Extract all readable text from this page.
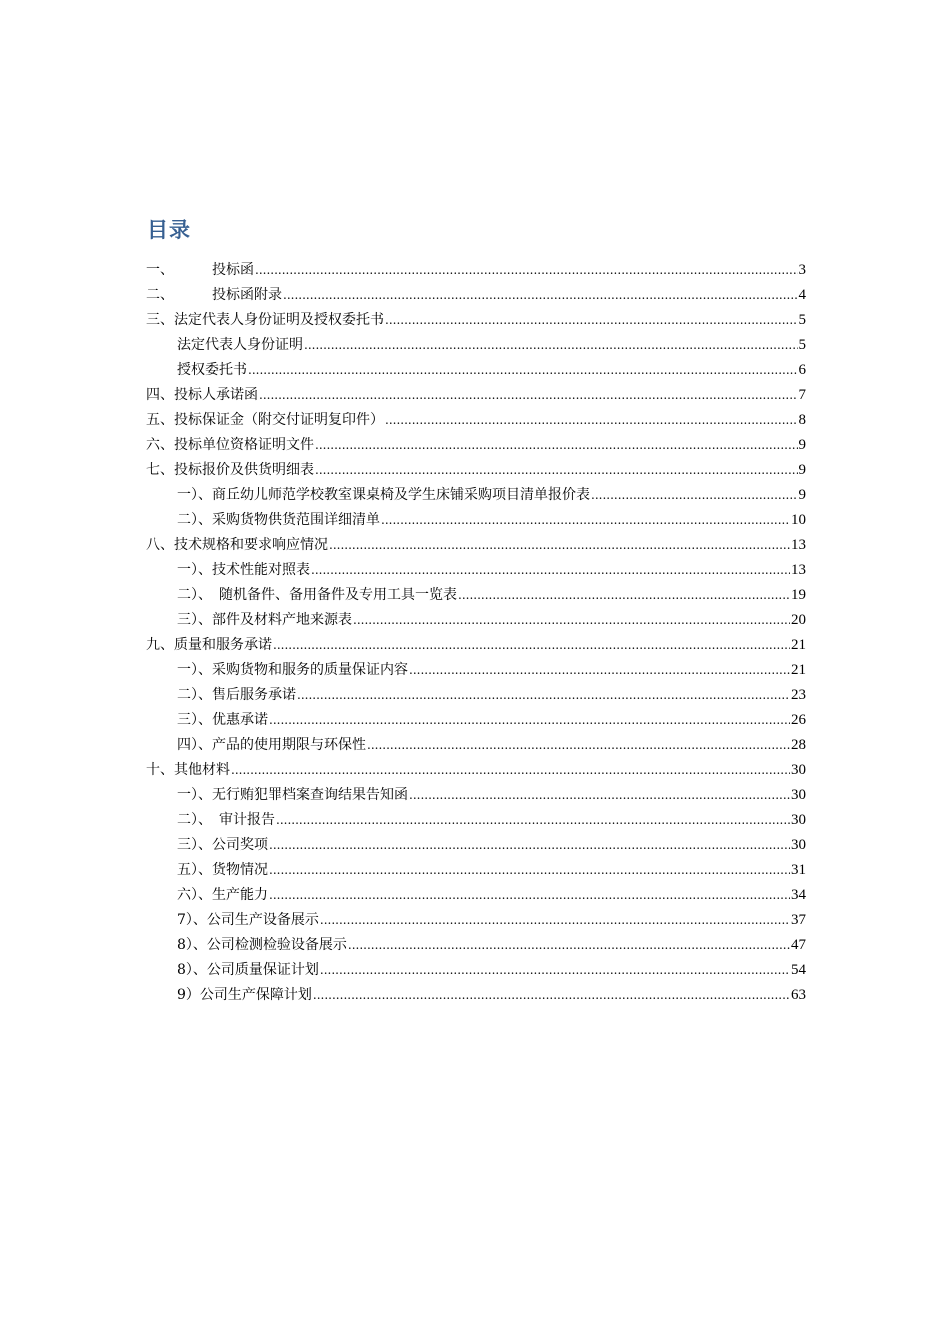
目录
一、	投标函 .....	3
二、	投标函附录 .....	4
三、法定代表人身份证明及授权委托书 .....	5
法定代表人身份证明 .....	5
授权委托书 .....	6
四、投标人承诺函 .....	7
五、投标保证金（附交付证明复印件） .....	8
六、投标单位资格证明文件 .....	9
七、投标报价及供货明细表 .....	9
一）、商丘幼儿师范学校教室课桌椅及学生床铺采购项目清单报价表 .....	9
二）、采购货物供货范围详细清单 .....	10
八、技术规格和要求响应情况 .....	13
一）、技术性能对照表 .....	13
二）、　随机备件、备用备件及专用工具一览表 .....	19
三）、部件及材料产地来源表 .....	20
九、质量和服务承诺 .....	21
一）、采购货物和服务的质量保证内容 .....	21
二）、售后服务承诺 .....	23
三）、优惠承诺 .....	26
四）、产品的使用期限与环保性 .....	28
十、其他材料 .....	30
一）、无行贿犯罪档案查询结果告知函 .....	30
二）、　审计报告 .....	30
三）、公司奖项 .....	30
五）、货物情况 .....	31
六）、生产能力 .....	34
7）、公司生产设备展示 .....	37
8）、公司检测检验设备展示 .....	47
8）、公司质量保证计划 .....	54
9）公司生产保障计划 .....	63
